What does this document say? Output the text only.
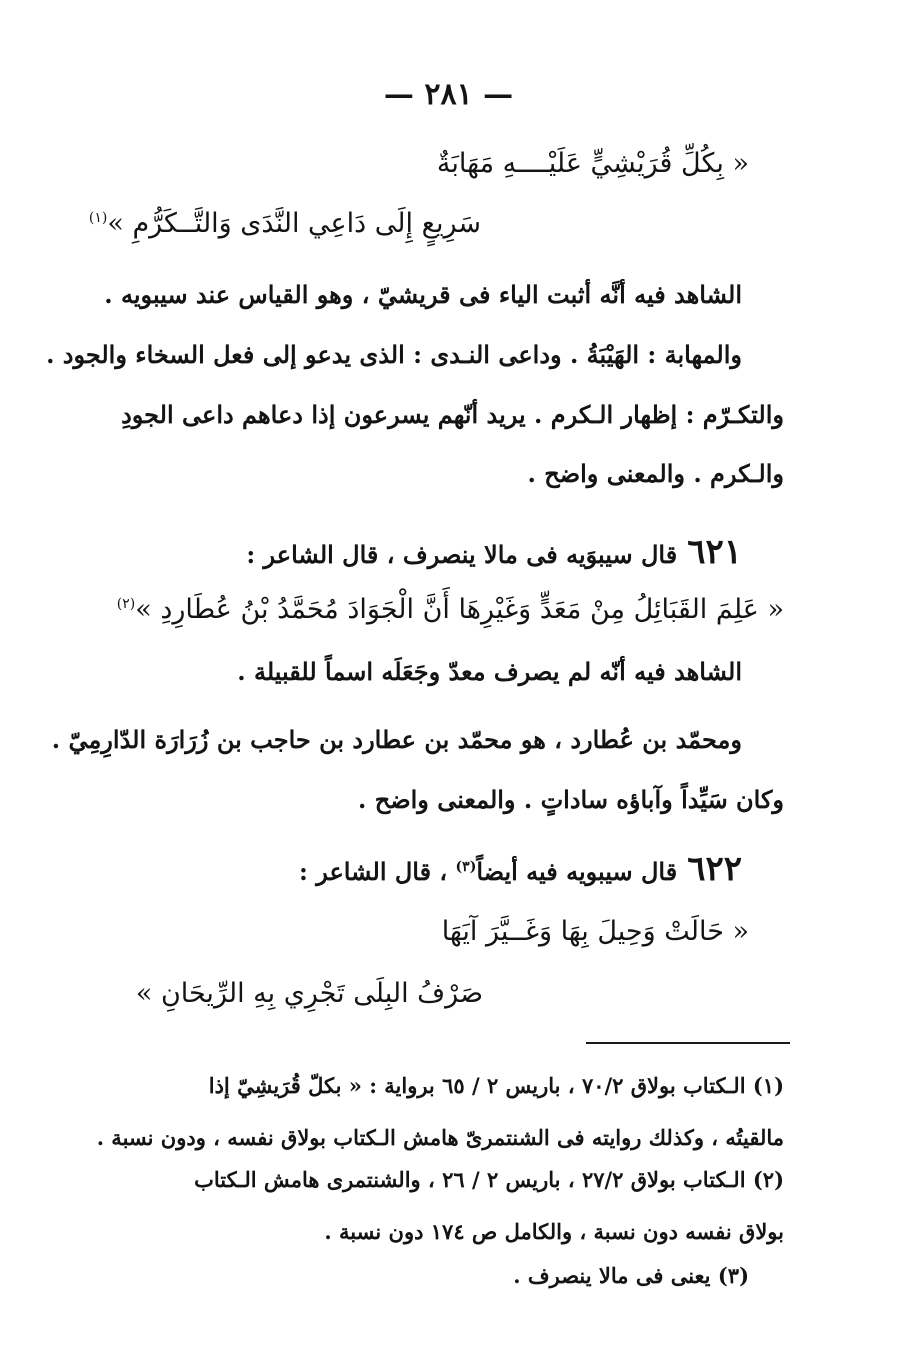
— ٢٨١ —
« بِكُلِّ قُرَيْشِيٍّ عَلَيْــــهِ مَهَابَةٌ
سَرِيعٍ إِلَى دَاعِي النَّدَى وَالتَّــكَرُّمِ »$^{(١)}$
الشاهد فيه أنَّه أثبت الياء فى قريشيّ ، وهو القياس عند سيبويه .
والمهابة : الهَيْبَةُ . وداعى النـدى : الذى يدعو إلى فعل السخاء والجود .
والتكـرّم : إظهار الـكرم . يريد أنّهم يسرعون إذا دعاهم داعى الجودِ
والـكرم . والمعنى واضح .
٦٢١قال سيبوَيه فى مالا ينصرف ، قال الشاعر :
« عَلِمَ القَبَائِلُ مِنْ مَعَدٍّ وَغَيْرِهَا أَنَّ الْجَوَادَ مُحَمَّدُ بْنُ عُطَارِدِ »$^{(٢)}$
الشاهد فيه أنّه لم يصرف معدّ وجَعَلَه اسماً للقبيلة .
ومحمّد بن عُطارد ، هو محمّد بن عطارد بن حاجب بن زُرَارَة الدّارِمِيّ .
وكان سَيِّداً وآباؤه ساداتٍ . والمعنى واضح .
٦٢٢قال سيبويه فيه أيضاً$^{(٣)}$ ، قال الشاعر :
« حَالَتْ وَحِيلَ بِهَا وَغَــيَّرَ آيَهَا
صَرْفُ البِلَى تَجْرِي بِهِ الرِّيحَانِ »
(١) الـكتاب بولاق ٧٠/٢ ، باريس ٢ / ٦٥ برواية : « بكلّ قُرَيشِيّ إذا
مالقيتُه ، وكذلك روايته فى الشنتمرىّ هامش الـكتاب بولاق نفسه ، ودون نسبة .
(٢) الـكتاب بولاق ٢٧/٢ ، باريس ٢ / ٢٦ ، والشنتمرى هامش الـكتاب
بولاق نفسه دون نسبة ، والكامل ص ١٧٤ دون نسبة .
(٣) يعنى فى مالا ينصرف .
